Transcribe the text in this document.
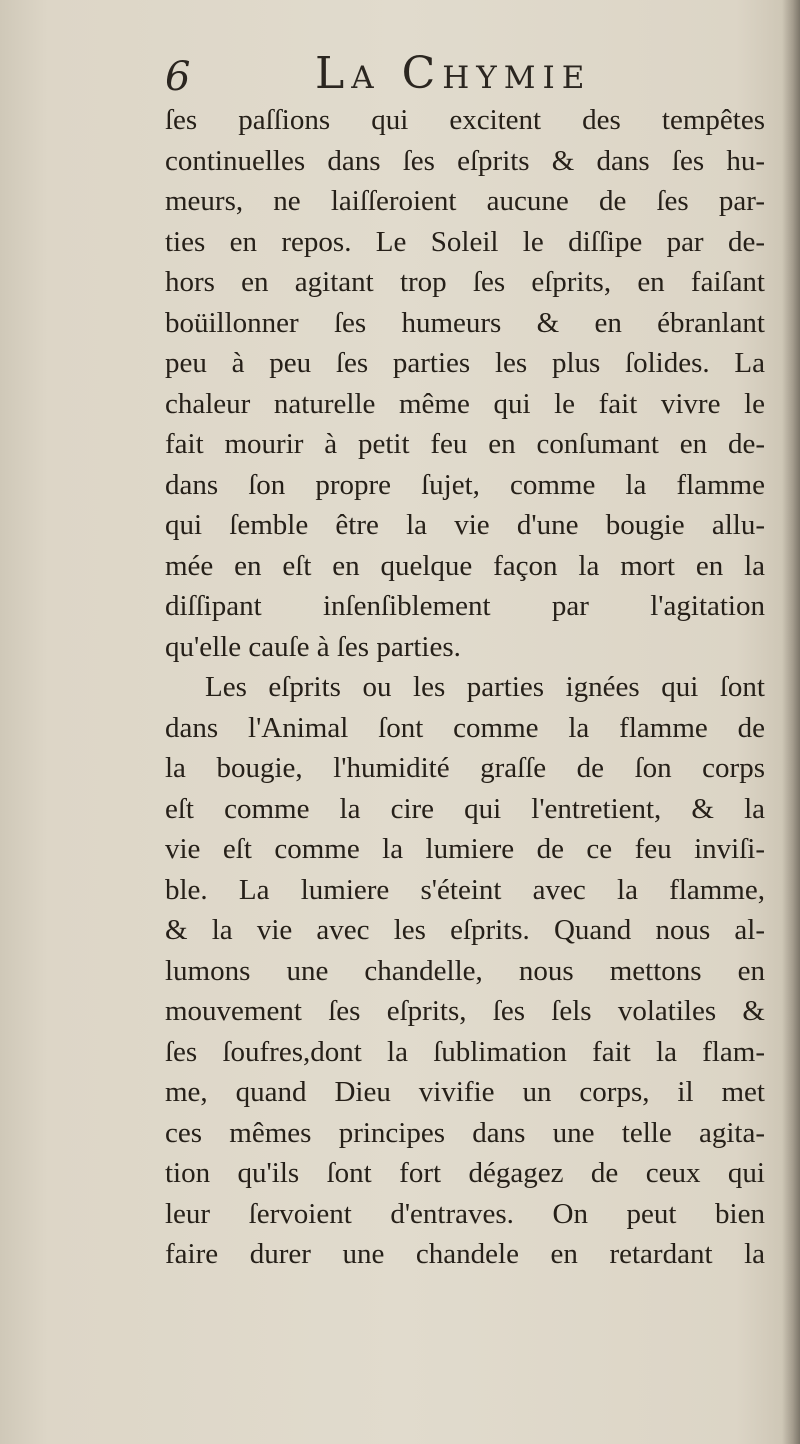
6	La Chymie
ſes paſſions qui excitent des tempêtes
continuelles dans ſes eſprits & dans ſes hu-
meurs, ne laiſſeroient aucune de ſes par-
ties en repos. Le Soleil le diſſipe par de-
hors en agitant trop ſes eſprits, en faiſant
boüillonner ſes humeurs & en ébranlant
peu à peu ſes parties les plus ſolides. La
chaleur naturelle même qui le fait vivre le
fait mourir à petit feu en conſumant en de-
dans ſon propre ſujet, comme la flamme
qui ſemble être la vie d'une bougie allu-
mée en eſt en quelque façon la mort en la
diſſipant inſenſiblement par l'agitation
qu'elle cauſe à ſes parties.
Les eſprits ou les parties ignées qui ſont
dans l'Animal ſont comme la flamme de
la bougie, l'humidité graſſe de ſon corps
eſt comme la cire qui l'entretient, & la
vie eſt comme la lumiere de ce feu inviſi-
ble. La lumiere s'éteint avec la flamme,
& la vie avec les eſprits. Quand nous al-
lumons une chandelle, nous mettons en
mouvement ſes eſprits, ſes ſels volatiles &
ſes ſoufres,dont la ſublimation fait la flam-
me, quand Dieu vivifie un corps, il met
ces mêmes principes dans une telle agita-
tion qu'ils ſont fort dégagez de ceux qui
leur ſervoient d'entraves. On peut bien
faire durer une chandele en retardant la
